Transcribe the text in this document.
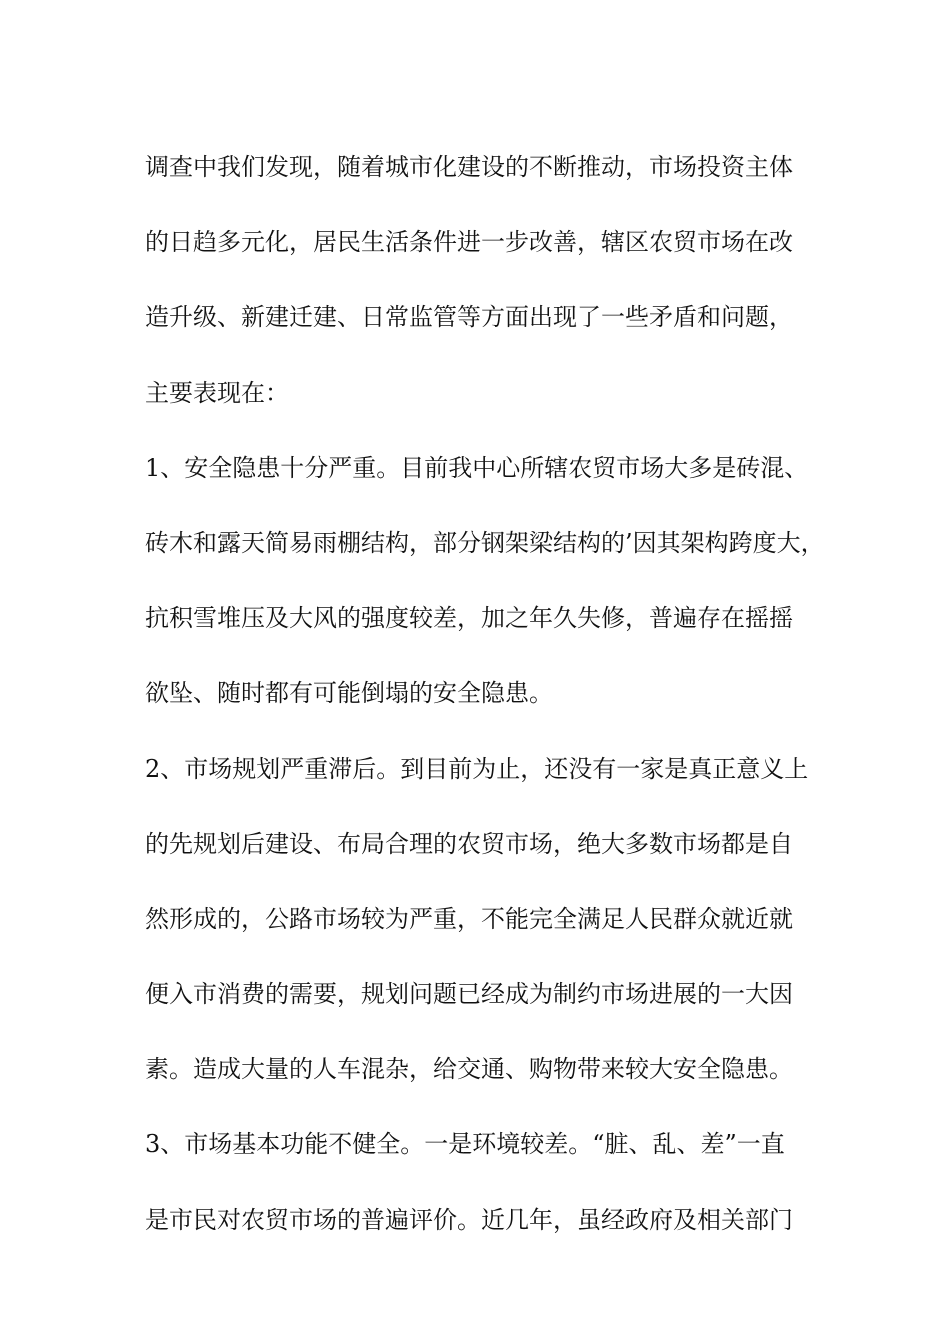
调查中我们发现，随着城市化建设的不断推动，市场投资主体
的日趋多元化，居民生活条件进一步改善，辖区农贸市场在改
造升级、新建迁建、日常监管等方面出现了一些矛盾和问题，
主要表现在：
1、安全隐患十分严重。目前我中心所辖农贸市场大多是砖混、
砖木和露天简易雨棚结构，部分钢架梁结构的’因其架构跨度大，
抗积雪堆压及大风的强度较差，加之年久失修，普遍存在摇摇
欲坠、随时都有可能倒塌的安全隐患。
2、市场规划严重滞后。到目前为止，还没有一家是真正意义上
的先规划后建设、布局合理的农贸市场，绝大多数市场都是自
然形成的，公路市场较为严重，不能完全满足人民群众就近就
便入市消费的需要，规划问题已经成为制约市场进展的一大因
素。造成大量的人车混杂，给交通、购物带来较大安全隐患。
3、市场基本功能不健全。一是环境较差。“脏、乱、差”一直
是市民对农贸市场的普遍评价。近几年，虽经政府及相关部门
